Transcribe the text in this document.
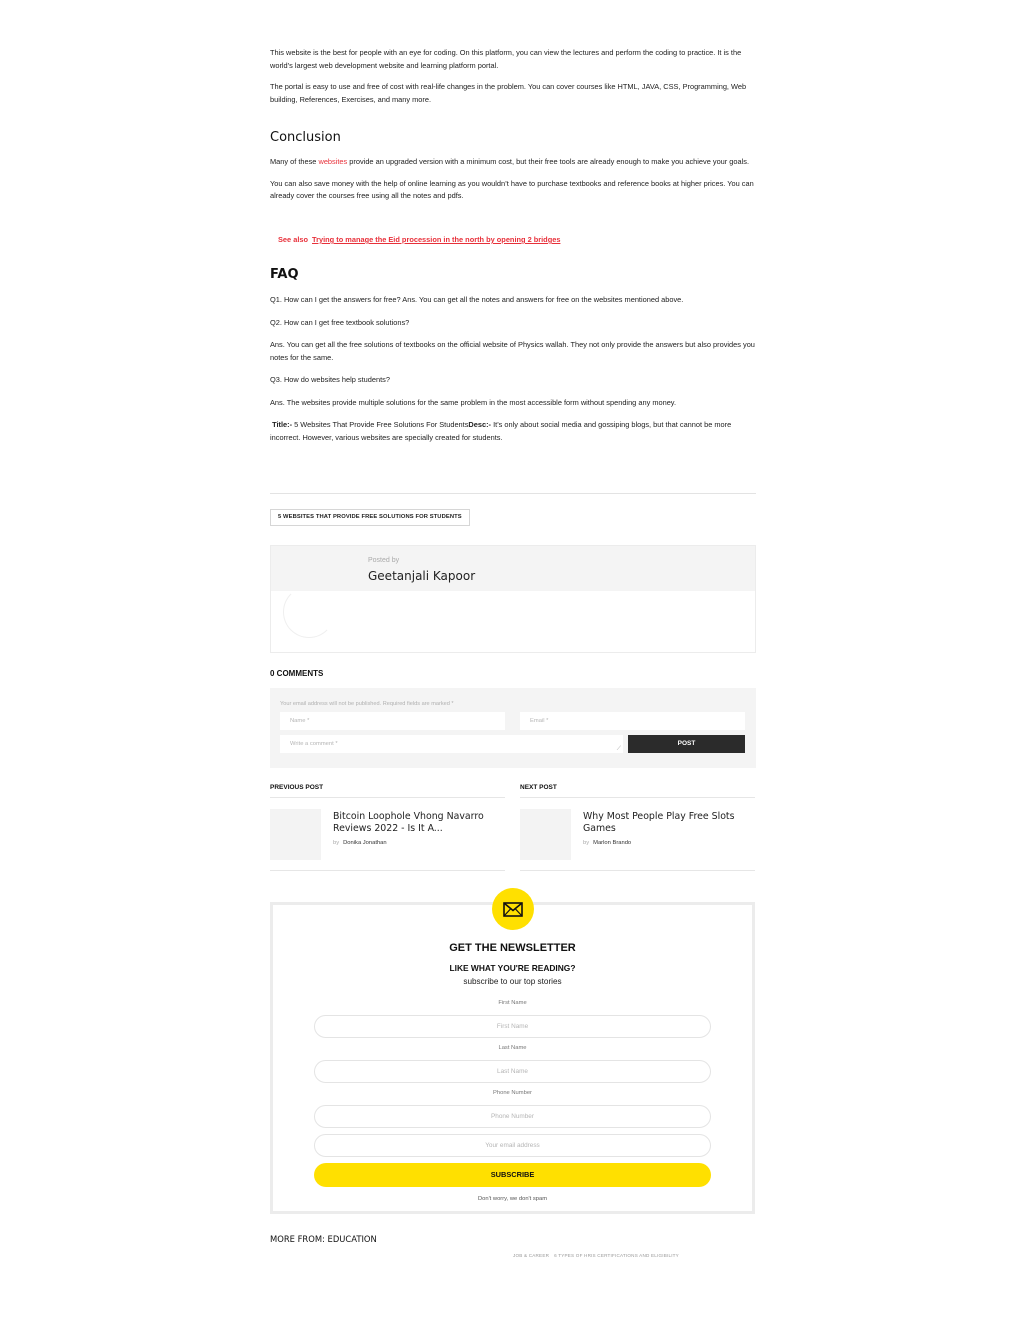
This website is the best for people with an eye for coding. On this platform, you can view the lectures and perform the coding to practice. It is the world’s largest web development website and learning platform portal.

The portal is easy to use and free of cost with real-life changes in the problem. You can cover courses like HTML, JAVA, CSS, Programming, Web building, References, Exercises, and many more.

Conclusion

Many of these websites provide an upgraded version with a minimum cost, but their free tools are already enough to make you achieve your goals.

You can also save money with the help of online learning as you wouldn’t have to purchase textbooks and reference books at higher prices. You can already cover the courses free using all the notes and pdfs.

See also Trying to manage the Eid procession in the north by opening 2 bridges
FAQ

Q1. How can I get the answers for free? Ans. You can get all the notes and answers for free on the websites mentioned above.

Q2. How can I get free textbook solutions?

Ans. You can get all the free solutions of textbooks on the official website of Physics wallah. They not only provide the answers but also provides you notes for the same.

Q3. How do websites help students?

Ans. The websites provide multiple solutions for the same problem in the most accessible form without spending any money.

Title:- 5 Websites That Provide Free Solutions For StudentsDesc:- It’s only about social media and gossiping blogs, but that cannot be more incorrect. However, various websites are specially created for students.

5 WEBSITES THAT PROVIDE FREE SOLUTIONS FOR STUDENTS
Posted by
Geetanjali Kapoor
0 COMMENTS
Your email address will not be published. Required fields are marked *
Name *	Email *
Write a comment *
⟋
POST
PREVIOUS POST	NEXT POST
Bitcoin Loophole Vhong Navarro Reviews 2022 - Is It A...
by Donika Jonathan
Why Most People Play Free Slots Games
by Marlon Brando
GET THE NEWSLETTER
LIKE WHAT YOU'RE READING?
subscribe to our top stories
First Name
First Name
Last Name
Last Name
Phone Number
Phone Number
Your email address
SUBSCRIBE
Don't worry, we don't spam
MORE FROM: EDUCATION
JOB & CAREER 6 TYPES OF HRIS CERTIFICATIONS AND ELIGIBILITY
